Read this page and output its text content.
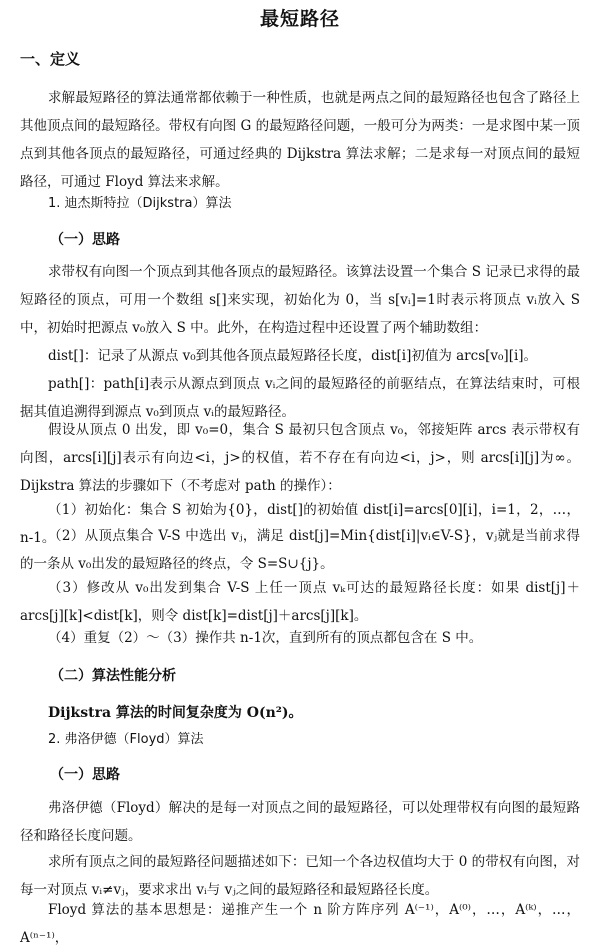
最短路径
一、定义
求解最短路径的算法通常都依赖于一种性质，也就是两点之间的最短路径也包含了路径上其他顶点间的最短路径。带权有向图 G 的最短路径问题，一般可分为两类：一是求图中某一顶点到其他各顶点的最短路径，可通过经典的 Dijkstra 算法求解；二是求每一对顶点间的最短路径，可通过 Floyd 算法来求解。
1. 迪杰斯特拉（Dijkstra）算法
（一）思路
求带权有向图一个顶点到其他各顶点的最短路径。该算法设置一个集合 S 记录已求得的最短路径的顶点，可用一个数组 s[]来实现，初始化为 0，当 s[vᵢ]=1时表示将顶点 vᵢ放入 S 中，初始时把源点 v₀放入 S 中。此外，在构造过程中还设置了两个辅助数组：
dist[]：记录了从源点 v₀到其他各顶点最短路径长度，dist[i]初值为 arcs[v₀][i]。
path[]：path[i]表示从源点到顶点 vᵢ之间的最短路径的前驱结点，在算法结束时，可根据其值追溯得到源点 v₀到顶点 vᵢ的最短路径。
假设从顶点 0 出发，即 v₀=0，集合 S 最初只包含顶点 v₀，邻接矩阵 arcs 表示带权有向图，arcs[i][j]表示有向边<i，j>的权值，若不存在有向边<i，j>，则 arcs[i][j]为∞。Dijkstra 算法的步骤如下（不考虑对 path 的操作）：
（1）初始化：集合 S 初始为{0}，dist[]的初始值 dist[i]=arcs[0][i]，i=1，2，…，n-1。
（2）从顶点集合 V-S 中选出 vⱼ，满足 dist[j]=Min{dist[i]|vᵢ∈V-S}，vⱼ就是当前求得的一条从 v₀出发的最短路径的终点，令 S=S∪{j}。
（3）修改从 v₀出发到集合 V-S 上任一顶点 vₖ可达的最短路径长度：如果 dist[j]＋arcs[j][k]<dist[k]，则令 dist[k]=dist[j]＋arcs[j][k]。
（4）重复（2）～（3）操作共 n-1次，直到所有的顶点都包含在 S 中。
（二）算法性能分析
Dijkstra 算法的时间复杂度为 O(n²)。
2. 弗洛伊德（Floyd）算法
（一）思路
弗洛伊德（Floyd）解决的是每一对顶点之间的最短路径，可以处理带权有向图的最短路径和路径长度问题。
求所有顶点之间的最短路径问题描述如下：已知一个各边权值均大于 0 的带权有向图，对每一对顶点 vᵢ≠vⱼ，要求求出 vᵢ与 vⱼ之间的最短路径和最短路径长度。
Floyd 算法的基本思想是：递推产生一个 n 阶方阵序列 A⁽⁻¹⁾，A⁽⁰⁾，…，A⁽ᵏ⁾，…，A⁽ⁿ⁻¹⁾，
